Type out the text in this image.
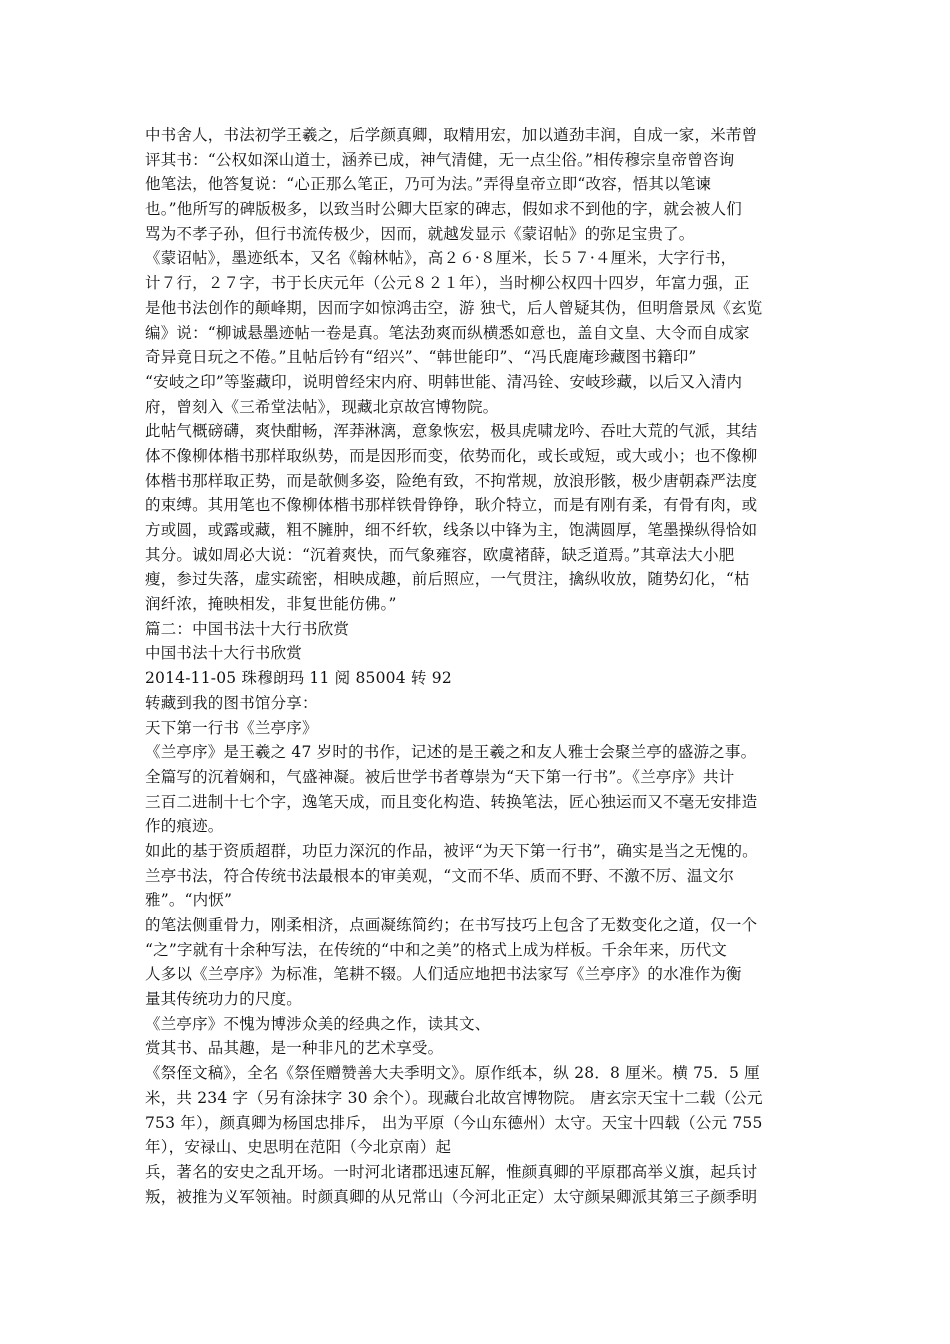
中书舍人，书法初学王羲之，后学颜真卿，取精用宏，加以遒劲丰润，自成一家，米芾曾
评其书：“公权如深山道士，涵养已成，神气清健，无一点尘俗。”相传穆宗皇帝曾咨询
他笔法，他答复说：“心正那么笔正，乃可为法。”弄得皇帝立即“改容，悟其以笔谏
也。”他所写的碑版极多，以致当时公卿大臣家的碑志，假如求不到他的字，就会被人们
骂为不孝子孙，但行书流传极少，因而，就越发显示《蒙诏帖》的弥足宝贵了。
《蒙诏帖》，墨迹纸本，又名《翰林帖》，高２６·８厘米，长５７·４厘米，大字行书，
计７行，２７字，书于长庆元年（公元８２１年），当时柳公权四十四岁，年富力强，正
是他书法创作的颠峰期，因而字如惊鸿击空，游 独弋，后人曾疑其伪，但明詹景凤《玄览
编》说：“柳诚悬墨迹帖一卷是真。笔法劲爽而纵横悉如意也，盖自文皇、大令而自成家
奇异竟日玩之不倦。”且帖后钤有“绍兴”、“韩世能印”、“冯氏鹿庵珍藏图书籍印”
“安岐之印”等鉴藏印，说明曾经宋内府、明韩世能、清冯铨、安岐珍藏，以后又入清内
府，曾刻入《三希堂法帖》，现藏北京故宫博物院。
此帖气概磅礴，爽快酣畅，浑莽淋漓，意象恢宏，极具虎啸龙吟、吞吐大荒的气派，其结
体不像柳体楷书那样取纵势，而是因形而变，依势而化，或长或短，或大或小；也不像柳
体楷书那样取正势，而是欹侧多姿，险绝有致，不拘常规，放浪形骸，极少唐朝森严法度
的束缚。其用笔也不像柳体楷书那样铁骨铮铮，耿介特立，而是有刚有柔，有骨有肉，或
方或圆，或露或藏，粗不臃肿，细不纤软，线条以中锋为主，饱满圆厚，笔墨操纵得恰如
其分。诚如周必大说：“沉着爽快，而气象雍容，欧虞褚薛，缺乏道焉。”其章法大小肥
瘦，参过失落，虚实疏密，相映成趣，前后照应，一气贯注，擒纵收放，随势幻化，“枯
润纤浓，掩映相发，非复世能仿佛。”
篇二：中国书法十大行书欣赏
中国书法十大行书欣赏
2014-11-05 珠穆朗玛 11 阅 85004 转 92
转藏到我的图书馆分享：
天下第一行书《兰亭序》
《兰亭序》是王羲之 47 岁时的书作，记述的是王羲之和友人雅士会聚兰亭的盛游之事。
全篇写的沉着娴和，气盛神凝。被后世学书者尊崇为“天下第一行书”。《兰亭序》共计
三百二进制十七个字，逸笔天成，而且变化构造、转换笔法，匠心独运而又不毫无安排造
作的痕迹。
如此的基于资质超群，功臣力深沉的作品，被评“为天下第一行书”，确实是当之无愧的。
兰亭书法，符合传统书法最根本的审美观，“文而不华、质而不野、不激不厉、温文尔
雅”。“内恹”
的笔法侧重骨力，刚柔相济，点画凝练简约；在书写技巧上包含了无数变化之道，仅一个
“之”字就有十余种写法，在传统的“中和之美”的格式上成为样板。千余年来，历代文
人多以《兰亭序》为标准，笔耕不辍。人们适应地把书法家写《兰亭序》的水准作为衡
量其传统功力的尺度。
《兰亭序》不愧为博涉众美的经典之作，读其文、
赏其书、品其趣，是一种非凡的艺术享受。
《祭侄文稿》，全名《祭侄赠赞善大夫季明文》。原作纸本，纵 28．8 厘米。横 75．5 厘
米，共 234 字（另有涂抹字 30 余个）。现藏台北故宫博物院。 唐玄宗天宝十二载（公元
753 年），颜真卿为杨国忠排斥， 出为平原（今山东德州）太守。天宝十四载（公元 755
年），安禄山、史思明在范阳（今北京南）起
兵，著名的安史之乱开场。一时河北诸郡迅速瓦解，惟颜真卿的平原郡高举义旗，起兵讨
叛，被推为义军领袖。时颜真卿的从兄常山（今河北正定）太守颜杲卿派其第三子颜季明
